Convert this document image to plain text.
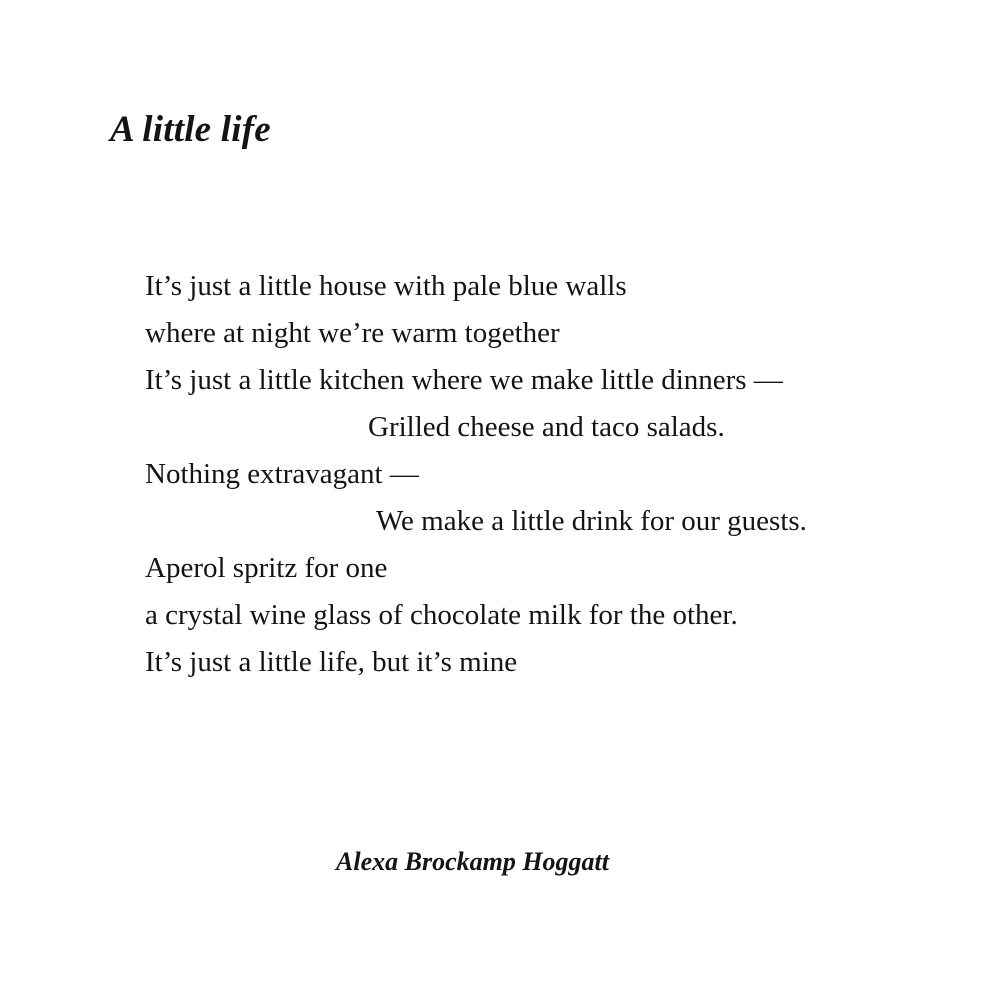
A little life
It’s just a little house with pale blue walls
where at night we’re warm together
It’s just a little kitchen where we make little dinners —
Grilled cheese and taco salads.
Nothing extravagant —
We make a little drink for our guests.
Aperol spritz for one
a crystal wine glass of chocolate milk for the other.
It’s just a little life, but it’s mine

Alexa Brockamp Hoggatt
